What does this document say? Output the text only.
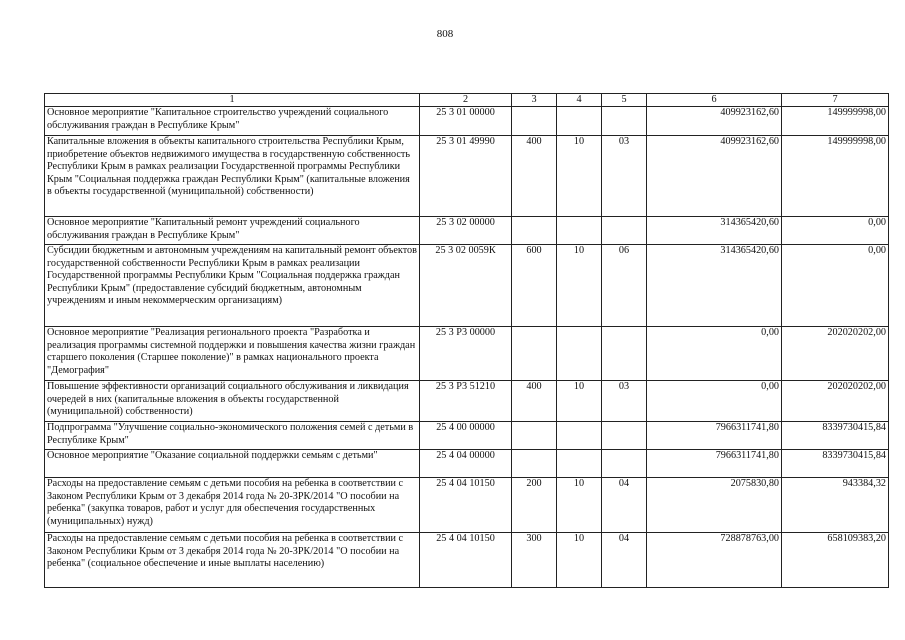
808
1	2	3	4	5	6	7
Основное мероприятие "Капитальное строительство учреждений социального обслуживания граждан в Республике Крым"	25 3 01 00000				409923162,60	149999998,00
Капитальные вложения в объекты капитального строительства Республики Крым, приобретение объектов недвижимого имущества в государственную собственность Республики Крым в рамках реализации Государственной программы Республики Крым "Социальная поддержка граждан Республики Крым" (капитальные вложения в объекты государственной (муниципальной) собственности)	25 3 01 49990	400	10	03	409923162,60	149999998,00
Основное мероприятие "Капитальный ремонт учреждений социального обслуживания граждан в Республике Крым"	25 3 02 00000				314365420,60	0,00
Субсидии бюджетным и автономным учреждениям на капитальный ремонт объектов государственной собственности Республики Крым в рамках реализации Государственной программы Республики Крым "Социальная поддержка граждан Республики Крым" (предоставление субсидий бюджетным, автономным учреждениям и иным некоммерческим организациям)	25 3 02 0059К	600	10	06	314365420,60	0,00
Основное мероприятие "Реализация регионального проекта "Разработка и реализация программы системной поддержки и повышения качества жизни граждан старшего поколения (Старшее поколение)" в рамках национального проекта "Демография"	25 3 P3 00000				0,00	202020202,00
Повышение эффективности организаций социального обслуживания и ликвидация очередей в них (капитальные вложения в объекты государственной (муниципальной) собственности)	25 3 P3 51210	400	10	03	0,00	202020202,00
Подпрограмма "Улучшение социально-экономического положения семей с детьми в Республике Крым"	25 4 00 00000				7966311741,80	8339730415,84
Основное мероприятие "Оказание социальной поддержки семьям с детьми"	25 4 04 00000				7966311741,80	8339730415,84
Расходы на предоставление семьям с детьми пособия на ребенка в соответствии с Законом Республики Крым от 3 декабря 2014 года № 20-ЗРК/2014 "О пособии на ребенка" (закупка товаров, работ и услуг для обеспечения государственных (муниципальных) нужд)	25 4 04 10150	200	10	04	2075830,80	943384,32
Расходы на предоставление семьям с детьми пособия на ребенка в соответствии с Законом Республики Крым от 3 декабря 2014 года № 20-ЗРК/2014 "О пособии на ребенка" (социальное обеспечение и иные выплаты населению)	25 4 04 10150	300	10	04	728878763,00	658109383,20
